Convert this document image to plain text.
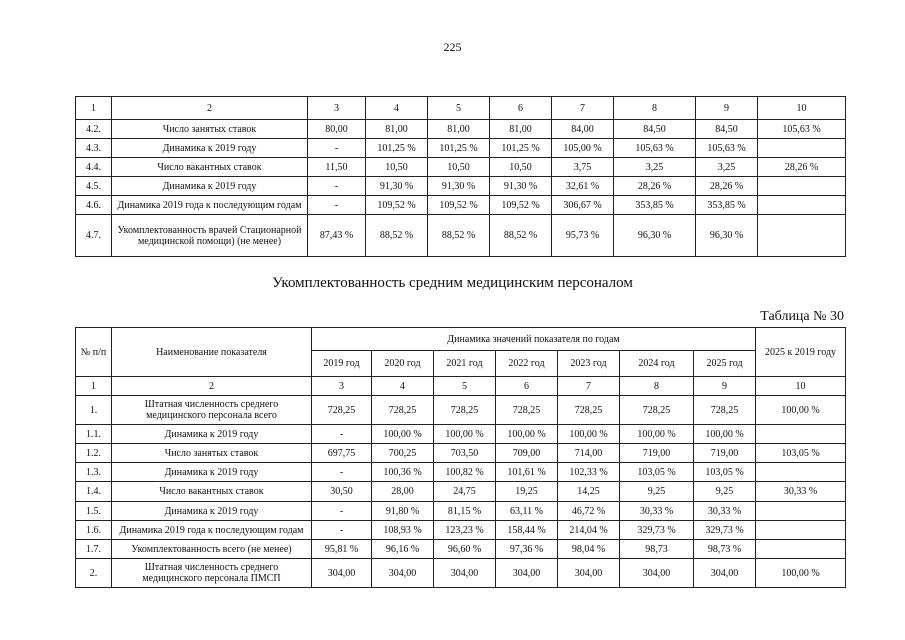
225
1	2	3	4	5	6	7	8	9	10
4.2.	Число занятых ставок	80,00	81,00	81,00	81,00	84,00	84,50	84,50	105,63 %
4.3.	Динамика к 2019 году	-	101,25 %	101,25 %	101,25 %	105,00 %	105,63 %	105,63 %	
4.4.	Число вакантных ставок	11,50	10,50	10,50	10,50	3,75	3,25	3,25	28,26 %
4.5.	Динамика к 2019 году	-	91,30 %	91,30 %	91,30 %	32,61 %	28,26 %	28,26 %	
4.6.	Динамика 2019 года к последующим годам	-	109,52 %	109,52 %	109,52 %	306,67 %	353,85 %	353,85 %	
4.7.	Укомплектованность врачей Стационарной медицинской помощи) (не менее)	87,43 %	88,52 %	88,52 %	88,52 %	95,73 %	96,30 %	96,30 %	
Укомплектованность средним медицинским персоналом
Таблица № 30
№ п/п	Наименование показателя	Динамика значений показателя по годам							2025 к 2019 году
		2019 год	2020 год	2021 год	2022 год	2023 год	2024 год	2025 год	
1	2	3	4	5	6	7	8	9	10
1.	Штатная численность среднего медицинского персонала всего	728,25	728,25	728,25	728,25	728,25	728,25	728,25	100,00 %
1.1.	Динамика к 2019 году	-	100,00 %	100,00 %	100,00 %	100,00 %	100,00 %	100,00 %	
1.2.	Число занятых ставок	697,75	700,25	703,50	709,00	714,00	719,00	719,00	103,05 %
1.3.	Динамика к 2019 году	-	100,36 %	100,82 %	101,61 %	102,33 %	103,05 %	103,05 %	
1.4.	Число вакантных ставок	30,50	28,00	24,75	19,25	14,25	9,25	9,25	30,33 %
1.5.	Динамика к 2019 году	-	91,80 %	81,15 %	63,11 %	46,72 %	30,33 %	30,33 %	
1.6.	Динамика 2019 года к последующим годам	-	108,93 %	123,23 %	158,44 %	214,04 %	329,73 %	329,73 %	
1.7.	Укомплектованность всего (не менее)	95,81 %	96,16 %	96,60 %	97,36 %	98,04 %	98,73	98,73 %	
2.	Штатная численность среднего медицинского персонала ПМСП	304,00	304,00	304,00	304,00	304,00	304,00	304,00	100,00 %
